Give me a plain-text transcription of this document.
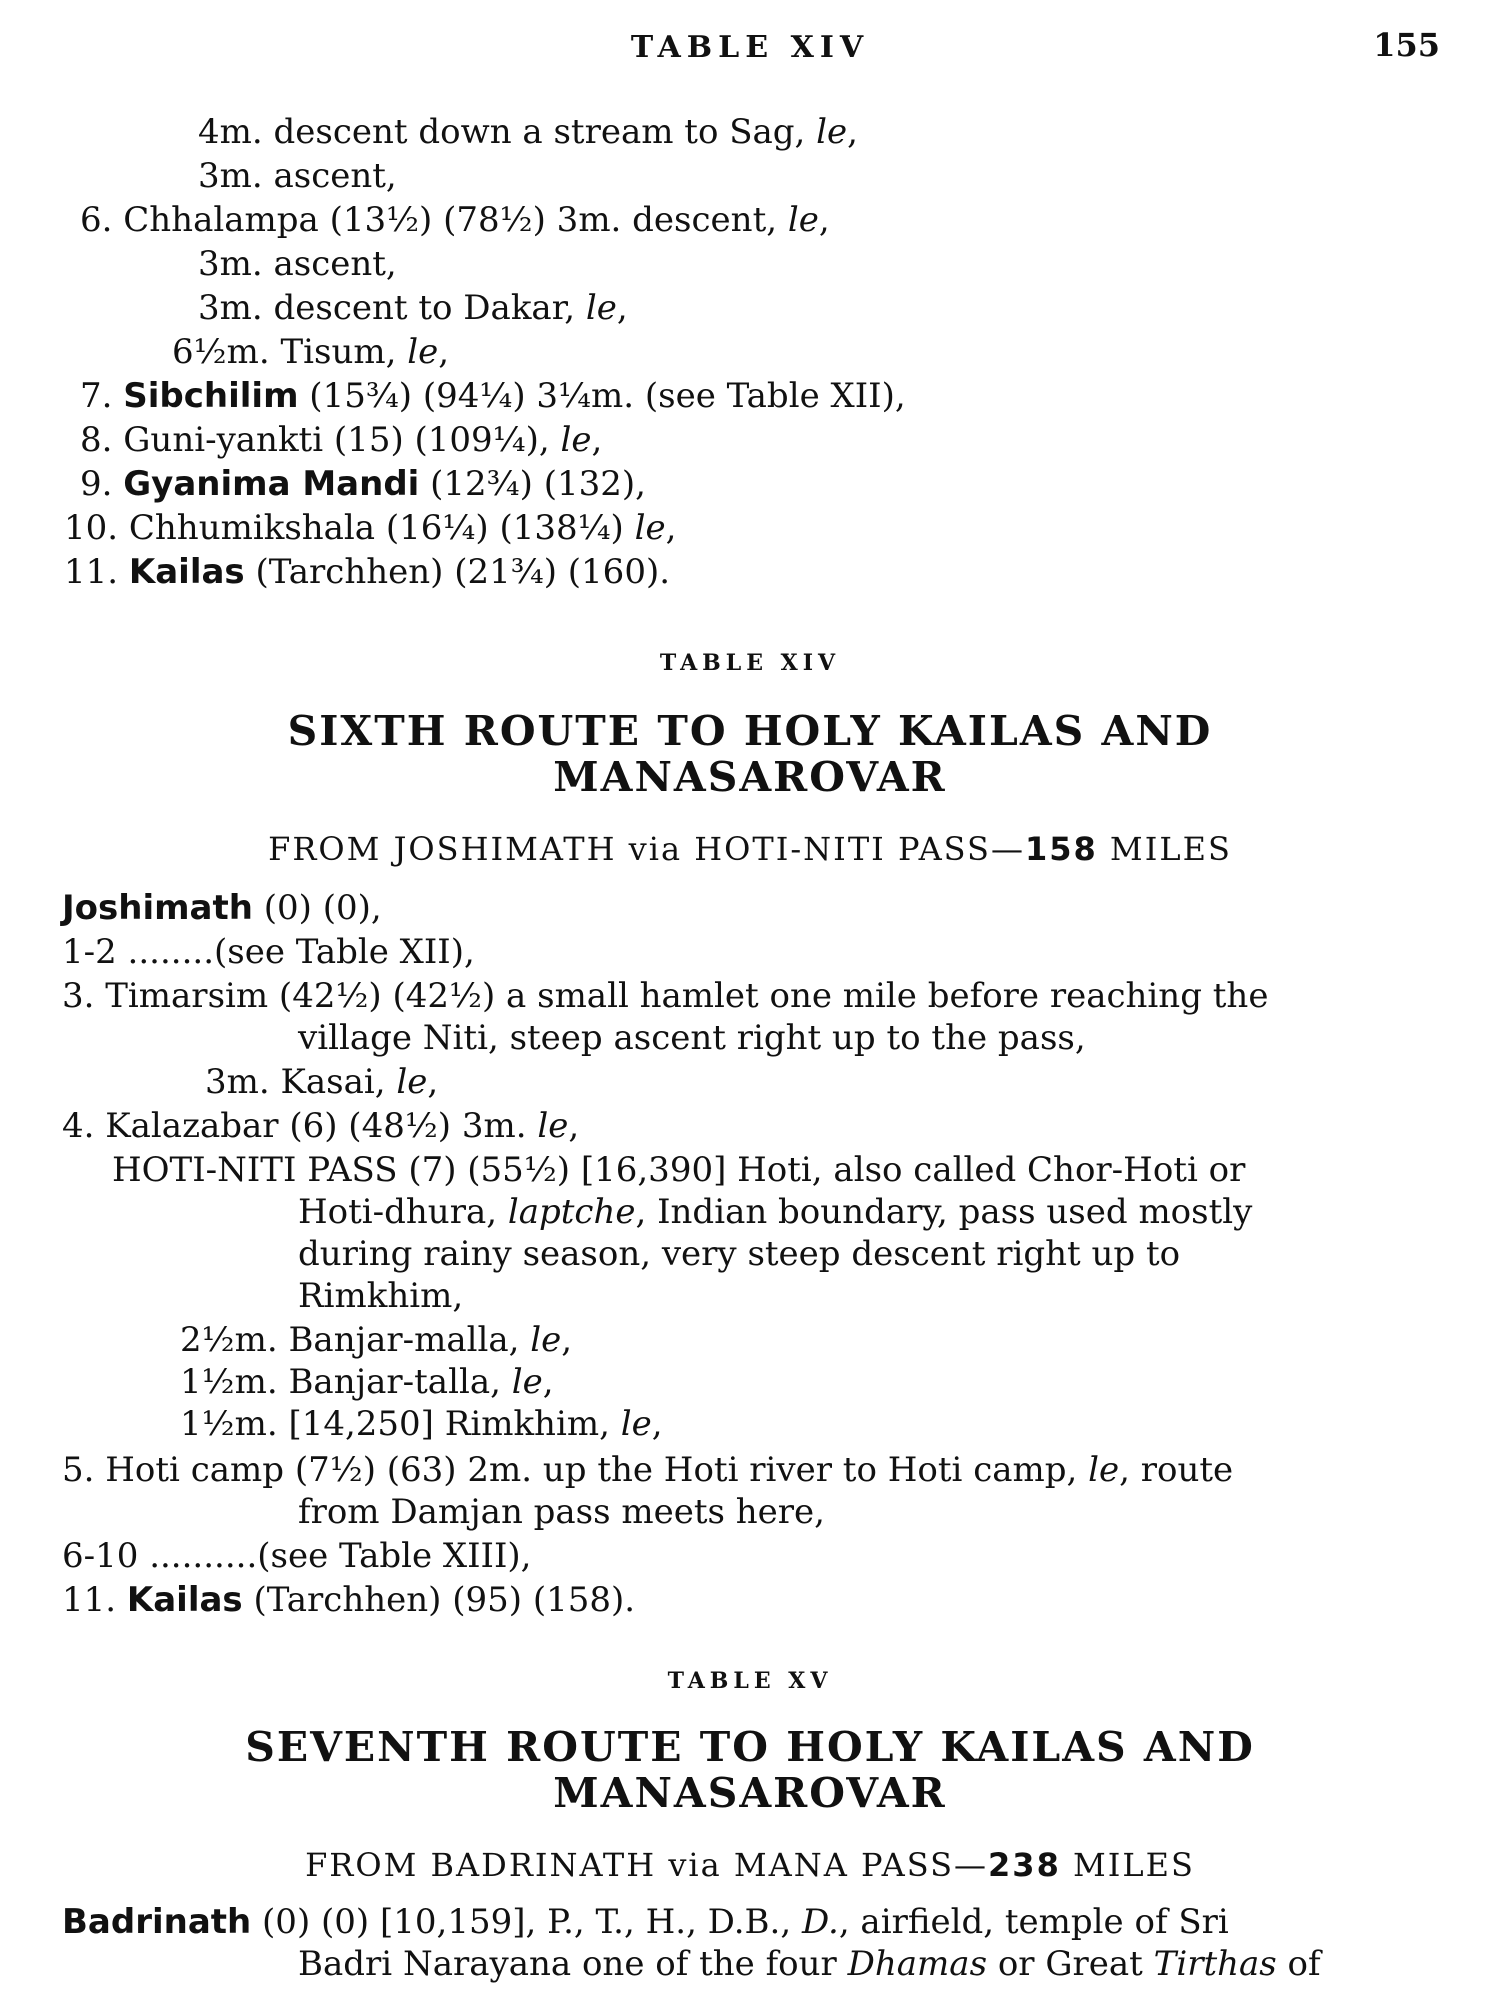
TABLE XIV	155
4m. descent down a stream to Sag, le,
3m. ascent,
6. Chhalampa (13½) (78½) 3m. descent, le,
3m. ascent,
3m. descent to Dakar, le,
6½m. Tisum, le,
7. Sibchilim (15¾) (94¼) 3¼m. (see Table XII),
8. Guni-yankti (15) (109¼), le,
9. Gyanima Mandi (12¾) (132),
10. Chhumikshala (16¼) (138¼) le,
11. Kailas (Tarchhen) (21¾) (160).
TABLE XIV
SIXTH ROUTE TO HOLY KAILAS AND
MANASAROVAR
FROM JOSHIMATH via HOTI-NITI PASS—158 MILES
Joshimath (0) (0),
1-2 ........(see Table XII),
3. Timarsim (42½) (42½) a small hamlet one mile before reaching the
village Niti, steep ascent right up to the pass,
3m. Kasai, le,
4. Kalazabar (6) (48½) 3m. le,
HOTI-NITI PASS (7) (55½) [16,390] Hoti, also called Chor-Hoti or
Hoti-dhura, laptche, Indian boundary, pass used mostly
during rainy season, very steep descent right up to
Rimkhim,
2½m. Banjar-malla, le,
1½m. Banjar-talla, le,
1½m. [14,250] Rimkhim, le,
5. Hoti camp (7½) (63) 2m. up the Hoti river to Hoti camp, le, route
from Damjan pass meets here,
6-10 ..........(see Table XIII),
11. Kailas (Tarchhen) (95) (158).
TABLE XV
SEVENTH ROUTE TO HOLY KAILAS AND
MANASAROVAR
FROM BADRINATH via MANA PASS—238 MILES
Badrinath (0) (0) [10,159], P., T., H., D.B., D., airfield, temple of Sri
Badri Narayana one of the four Dhamas or Great Tirthas of
